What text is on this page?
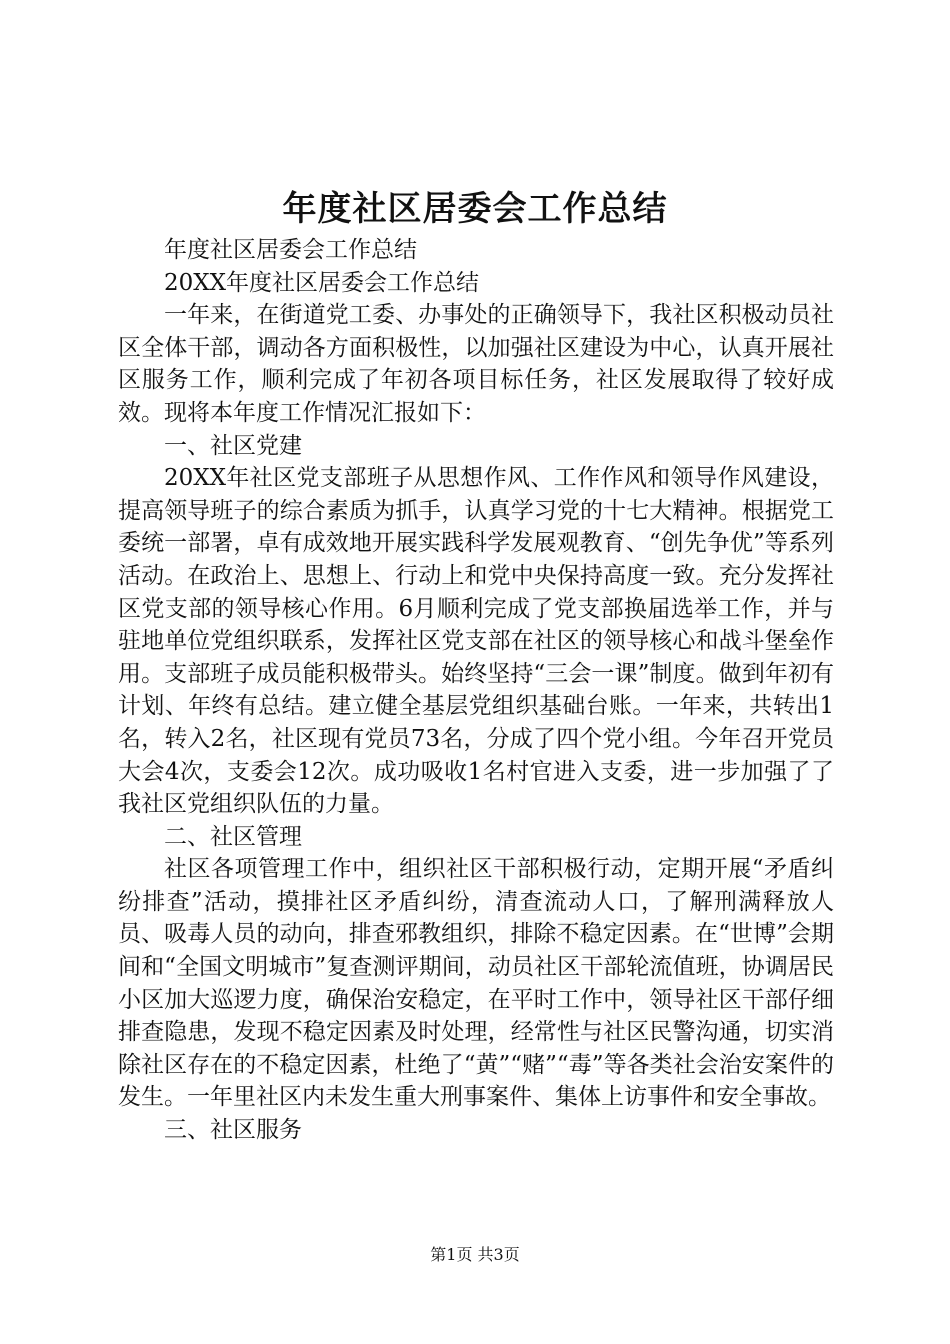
年度社区居委会工作总结

年度社区居委会工作总结

20XX年度社区居委会工作总结

一年来，在街道党工委、办事处的正确领导下，我社区积极动员社区全体干部，调动各方面积极性，以加强社区建设为中心，认真开展社区服务工作，顺利完成了年初各项目标任务，社区发展取得了较好成效。现将本年度工作情况汇报如下：

一、社区党建

20XX年社区党支部班子从思想作风、工作作风和领导作风建设，提高领导班子的综合素质为抓手，认真学习党的十七大精神。根据党工委统一部署，卓有成效地开展实践科学发展观教育、“创先争优”等系列活动。在政治上、思想上、行动上和党中央保持高度一致。充分发挥社区党支部的领导核心作用。6月顺利完成了党支部换届选举工作，并与驻地单位党组织联系，发挥社区党支部在社区的领导核心和战斗堡垒作用。支部班子成员能积极带头。始终坚持“三会一课”制度。做到年初有计划、年终有总结。建立健全基层党组织基础台账。一年来，共转出1名，转入2名，社区现有党员73名，分成了四个党小组。今年召开党员大会4次，支委会12次。成功吸收1名村官进入支委，进一步加强了了我社区党组织队伍的力量。

二、社区管理

社区各项管理工作中，组织社区干部积极行动，定期开展“矛盾纠纷排查”活动，摸排社区矛盾纠纷，清查流动人口，了解刑满释放人员、吸毒人员的动向，排查邪教组织，排除不稳定因素。在“世博”会期间和“全国文明城市”复查测评期间，动员社区干部轮流值班，协调居民小区加大巡逻力度，确保治安稳定，在平时工作中，领导社区干部仔细排查隐患，发现不稳定因素及时处理，经常性与社区民警沟通，切实消除社区存在的不稳定因素，杜绝了“黄”“赌”“毒”等各类社会治安案件的发生。一年里社区内未发生重大刑事案件、集体上访事件和安全事故。

三、社区服务

第1页 共3页
